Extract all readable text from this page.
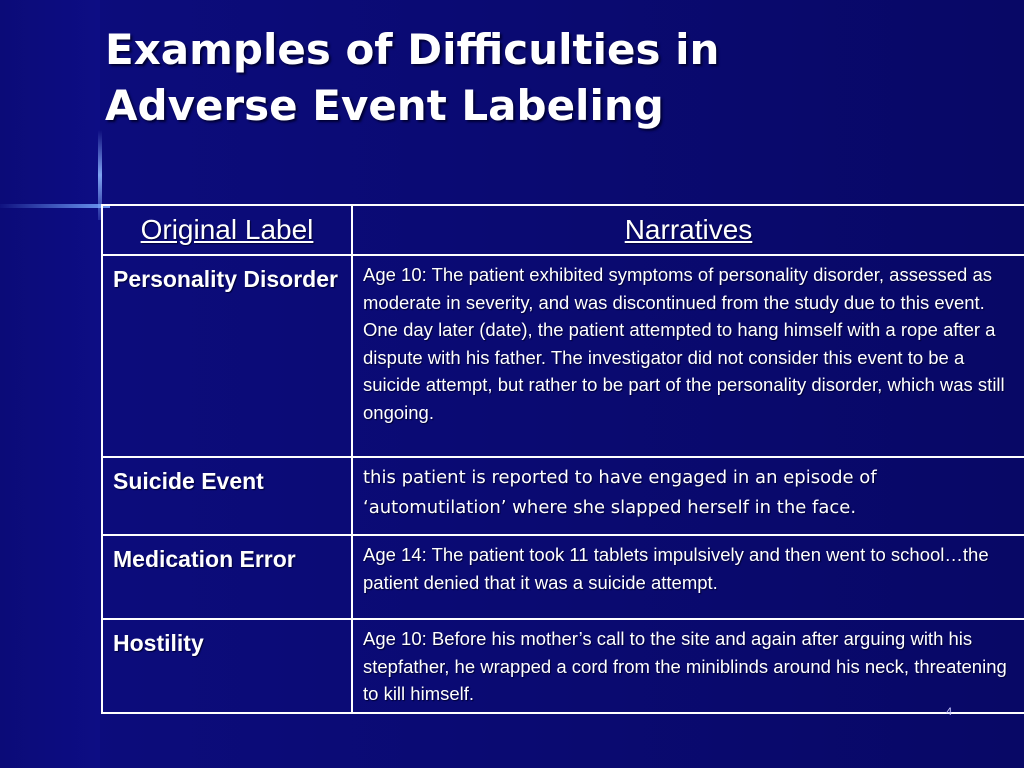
Examples of Difficulties in
Adverse Event Labeling
Original Label	Narratives
Personality Disorder	Age 10: The patient exhibited symptoms of personality disorder, assessed as moderate in severity, and was discontinued from the study due to this event. One day later (date), the patient attempted to hang himself with a rope after a dispute with his father. The investigator did not consider this event to be a suicide attempt, but rather to be part of the personality disorder, which was still ongoing.
Suicide Event	this patient is reported to have engaged in an episode of ‘automutilation’ where she slapped herself in the face.
Medication Error	Age 14: The patient took 11 tablets impulsively and then went to school…the patient denied that it was a suicide attempt.
Hostility	Age 10: Before his mother’s call to the site and again after arguing with his stepfather, he wrapped a cord from the miniblinds around his neck, threatening to kill himself.
4
